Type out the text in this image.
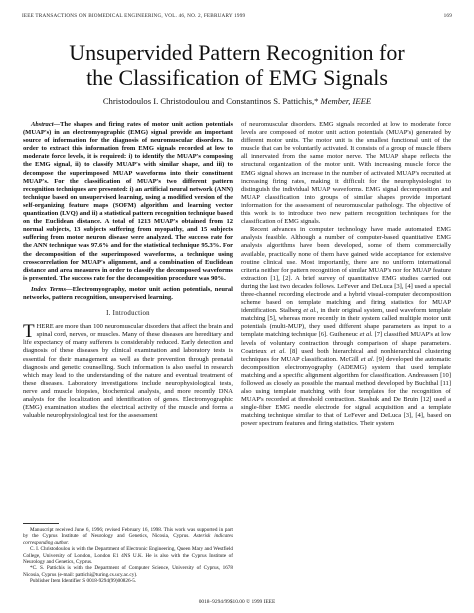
IEEE TRANSACTIONS ON BIOMEDICAL ENGINEERING, VOL. 46, NO. 2, FEBRUARY 1999	169
Unsupervided Pattern Recognition for
the Classification of EMG Signals
Christodoulos I. Christodoulou and Constantinos S. Pattichis,* Member, IEEE

Abstract—The shapes and firing rates of motor unit action potentials (MUAP's) in an electromyographic (EMG) signal provide an important source of information for the diagnosis of neuromuscular disorders. In order to extract this information from EMG signals recorded at low to moderate force levels, it is required: i) to identify the MUAP's composing the EMG signal, ii) to classify MUAP's with similar shape, and iii) to decompose the superimposed MUAP waveforms into their constituent MUAP's. For the classification of MUAP's two different pattern recognition techniques are presented: i) an artificial neural network (ANN) technique based on unsupervised learning, using a modified version of the self-organizing feature maps (SOFM) algorithm and learning vector quantization (LVQ) and ii) a statistical pattern recognition technique based on the Euclidean distance. A total of 1213 MUAP's obtained from 12 normal subjects, 13 subjects suffering from myopathy, and 15 subjects suffering from motor neuron disease were analyzed. The success rate for the ANN technique was 97.6% and for the statistical technique 95.3%. For the decomposition of the superimposed waveforms, a technique using crosscorrelation for MUAP's alignment, and a combination of Euclidean distance and area measures in order to classify the decomposed waveforms is presented. The success rate for the decomposition procedure was 90%.

Index Terms—Electromyography, motor unit action potentials, neural networks, pattern recognition, unsupervised learning.

I. Introduction

THERE are more than 100 neuromuscular disorders that affect the brain and spinal cord, nerves, or muscles. Many of these diseases are hereditary and life expectancy of many sufferers is considerably reduced. Early detection and diagnosis of these diseases by clinical examination and laboratory tests is essential for their management as well as their prevention through prenatal diagnosis and genetic counselling. Such information is also useful in research which may lead to the understanding of the nature and eventual treatment of these diseases. Laboratory investigations include neurophysiological tests, nerve and muscle biopsies, biochemical analysis, and more recently DNA analysis for the localization and identification of genes. Electromyographic (EMG) examination studies the electrical activity of the muscle and forms a valuable neurophysiological test for the assessment

Manuscript received June 6, 1996; revised February 16, 1998. This work was supported in part by the Cyprus Institute of Neurology and Genetics, Nicosia, Cyprus. Asterisk indicates corresponding author.

C. I. Christodoulou is with the Department of Electronic Engineering, Queen Mary and Westfield College, University of London, London E1 4NS U.K. He is also with the Cyprus Institute of Neurology and Genetics, Cyprus.

*C. S. Pattichis is with the Department of Computer Science, University of Cyprus, 1678 Nicosia, Cyprus (e-mail: pattichi@turing.cs.ucy.ac.cy).

Publisher Item Identifier S 0018-9294(99)00826-5.

of neuromuscular disorders. EMG signals recorded at low to moderate force levels are composed of motor unit action potentials (MUAP's) generated by different motor units. The motor unit is the smallest functional unit of the muscle that can be voluntarily activated. It consists of a group of muscle fibers all innervated from the same motor nerve. The MUAP shape reflects the structural organization of the motor unit. With increasing muscle force the EMG signal shows an increase in the number of activated MUAP's recruited at increasing firing rates, making it difficult for the neurophysiologist to distinguish the individual MUAP waveforms. EMG signal decomposition and MUAP classification into groups of similar shapes provide important information for the assessment of neuromuscular pathology. The objective of this work is to introduce two new pattern recognition techniques for the classification of EMG signals.

Recent advances in computer technology have made automated EMG analysis feasible. Although a number of computer-based quantitative EMG analysis algorithms have been developed, some of them commercially available, practically none of them have gained wide acceptance for extensive routine clinical use. Most importantly, there are no uniform international criteria neither for pattern recognition of similar MUAP's nor for MUAP feature extraction [1], [2]. A brief survey of quantitative EMG studies carried out during the last two decades follows. LeFever and DeLuca [3], [4] used a special three-channel recording electrode and a hybrid visual-computer decomposition scheme based on template matching and firing statistics for MUAP identification. Stalberg et al., in their original system, used waveform template matching [5], whereas more recently in their system called multiple motor unit potentials (multi-MUP), they used different shape parameters as input to a template matching technique [6]. Guiheneuc et al. [7] classified MUAP's at low levels of voluntary contraction through comparison of shape parameters. Coatrieux et al. [8] used both hierarchical and nonhierarchical clustering techniques for MUAP classification. McGill et al. [9] developed the automatic decomposition electromyography (ADEMG) system that used template matching and a specific alignment algorithm for classification. Andreassen [10] followed as closely as possible the manual method developed by Buchthal [11] also using template matching with four templates for the recognition of MUAP's recorded at threshold contraction. Stashuk and De Bruin [12] used a single-fiber EMG needle electrode for signal acquisition and a template matching technique similar to that of LeFever and DeLuca [3], [4], based on power spectrum features and firing statistics. Their system

0018–9294/99$10.00 © 1999 IEEE
